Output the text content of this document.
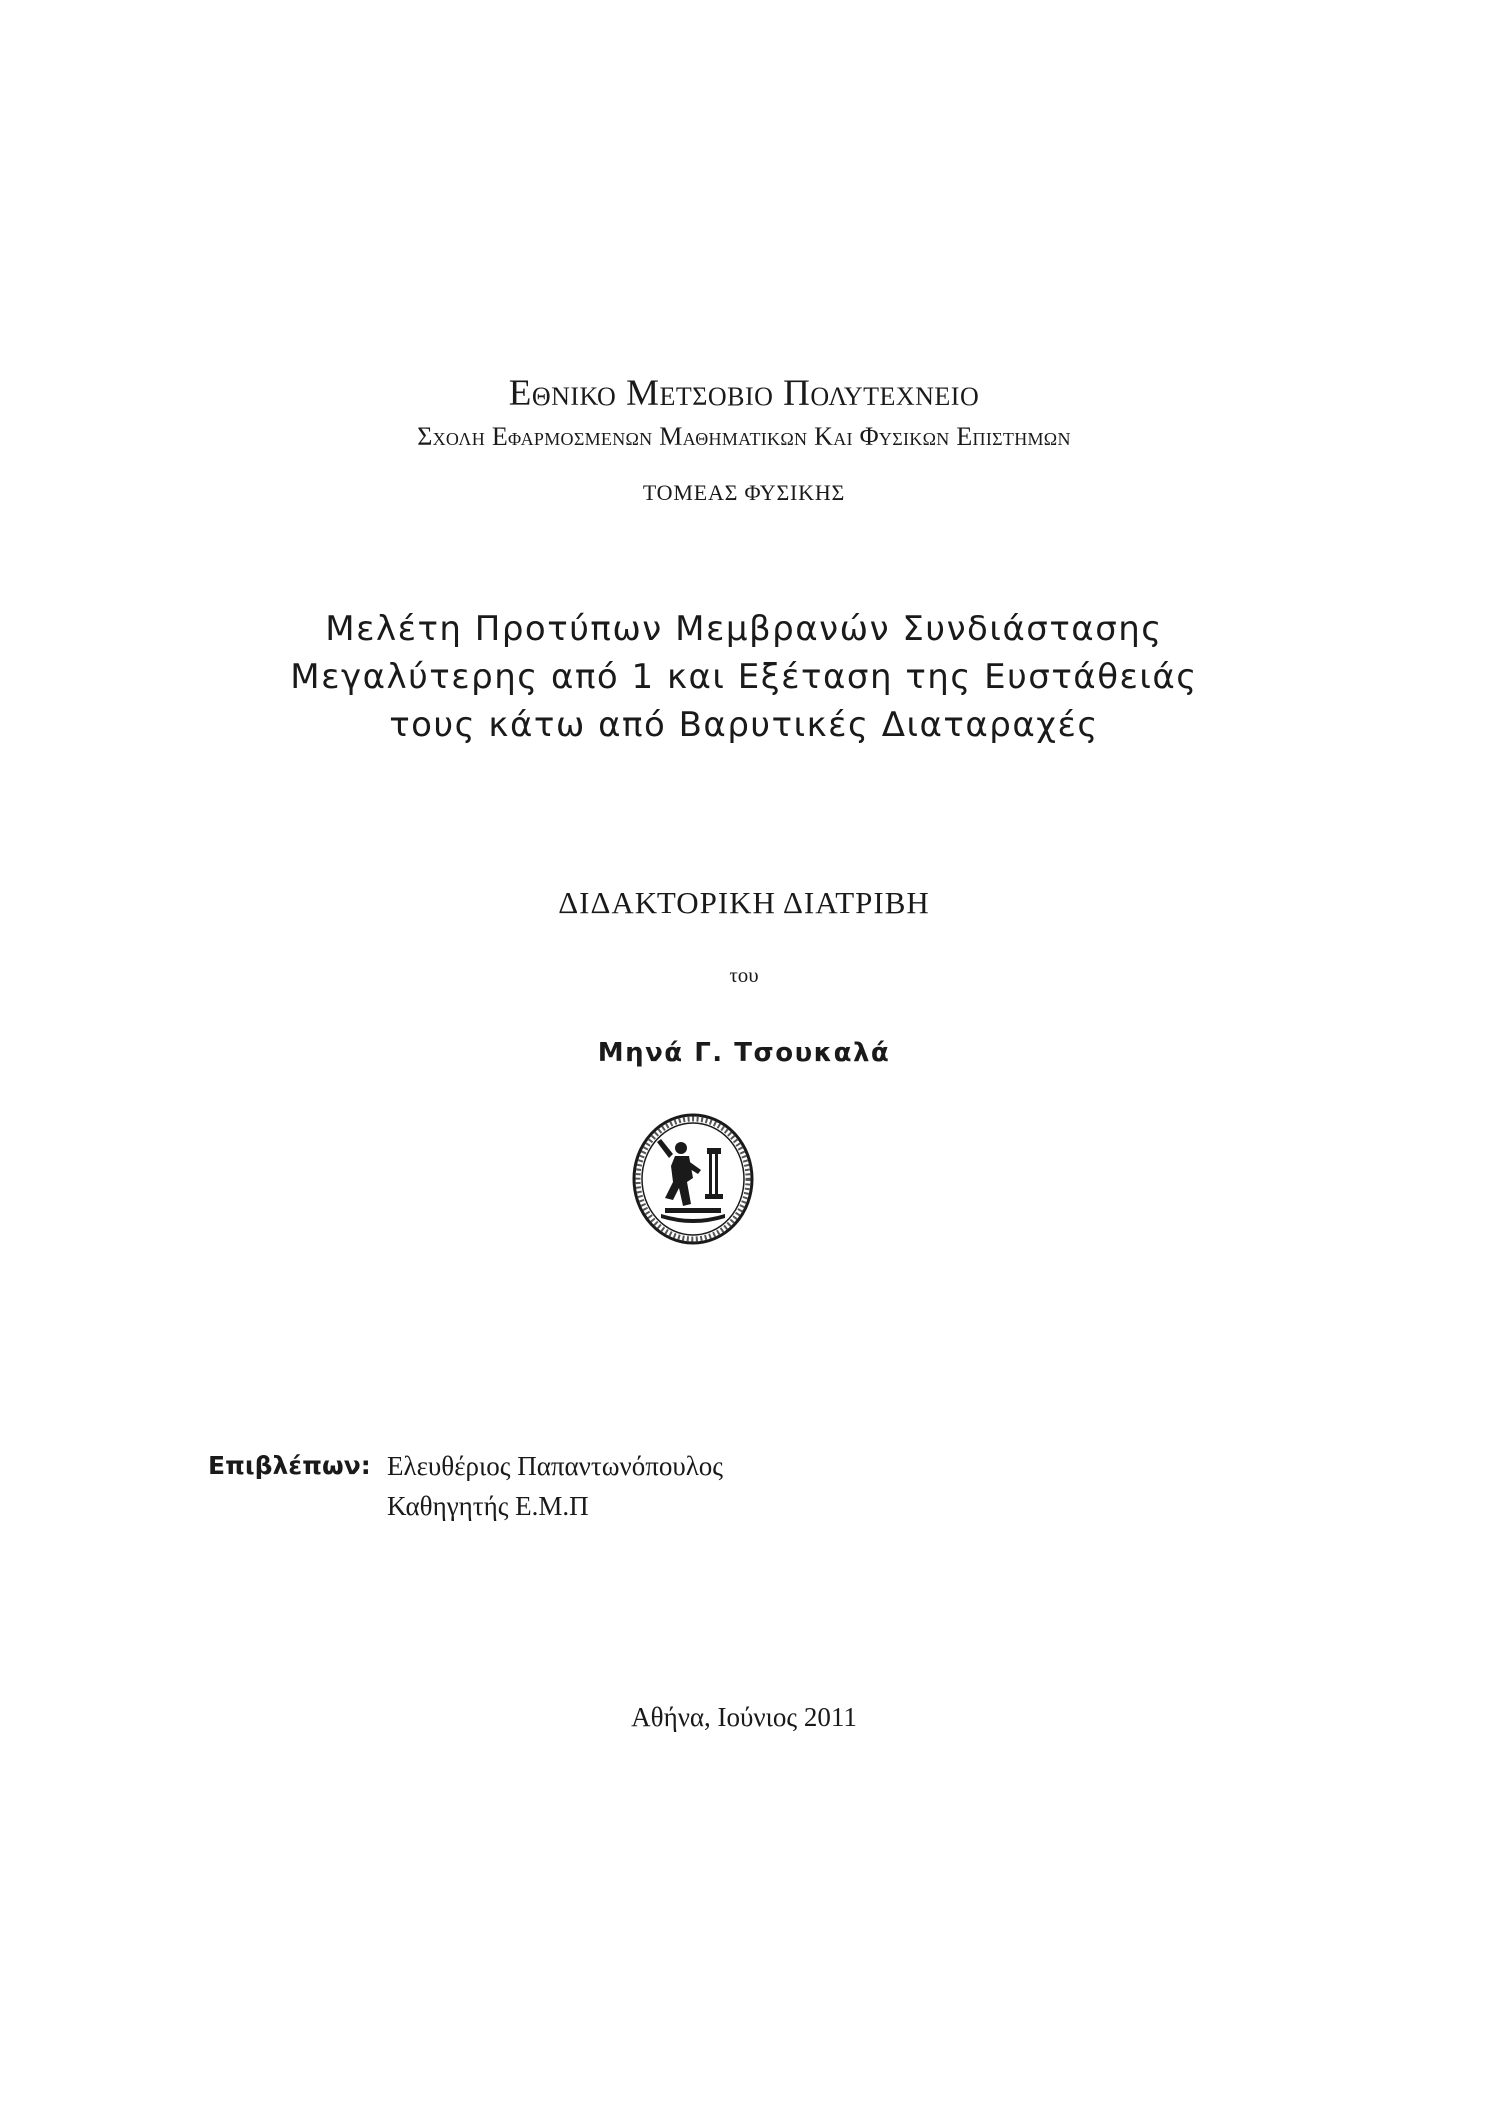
Εθνικο Μετσοβιο Πολυτεχνειο
Σχολη Εφαρμοσμενων Μαθηματικων Και Φυσικων Επιστημων
ΤΟΜΕΑΣ ΦΥΣΙΚΗΣ
Μελέτη Προτύπων Μεμβρανών Συνδιάστασης
Μεγαλύτερης από 1 και Εξέταση της Ευστάθειάς
τους κάτω από Βαρυτικές Διαταραχές
ΔΙΔΑΚΤΟΡΙΚΗ ΔΙΑΤΡΙΒΗ
του
Μηνά Γ. Τσουκαλά
Επιβλέπων: Ελευθέριος Παπαντωνόπουλος
Καθηγητής Ε.Μ.Π
Αθήνα, Ιούνιος 2011
